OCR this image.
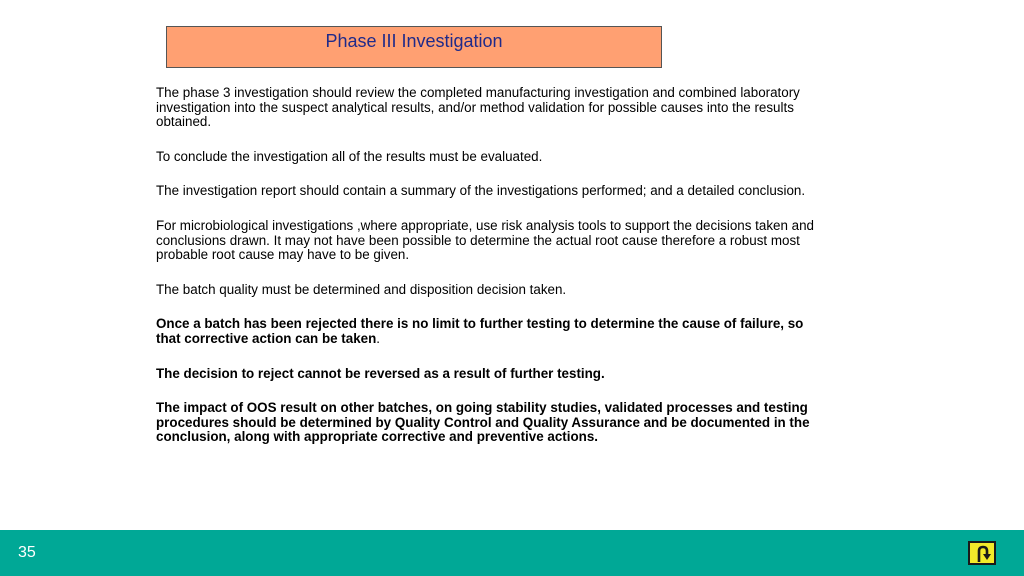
Phase III Investigation

The phase 3 investigation should review the completed manufacturing investigation and combined laboratory investigation into the suspect analytical results, and/or method validation for possible causes into the results obtained.

To conclude the investigation all of the results must be evaluated.

The investigation report should contain a summary of the investigations performed; and a detailed conclusion.

For microbiological investigations ,where appropriate, use risk analysis tools to support the decisions taken and conclusions drawn. It may not have been possible to determine the actual root cause therefore a robust most probable root cause may have to be given.

The batch quality must be determined and disposition decision taken.

Once a batch has been rejected there is no limit to further testing to determine the cause of failure, so that corrective action can be taken.

The decision to reject cannot be reversed as a result of further testing.

The impact of OOS result on other batches, on going stability studies, validated processes and testing procedures should be determined by Quality Control and Quality Assurance and be documented in the conclusion, along with appropriate corrective and preventive actions.

35
